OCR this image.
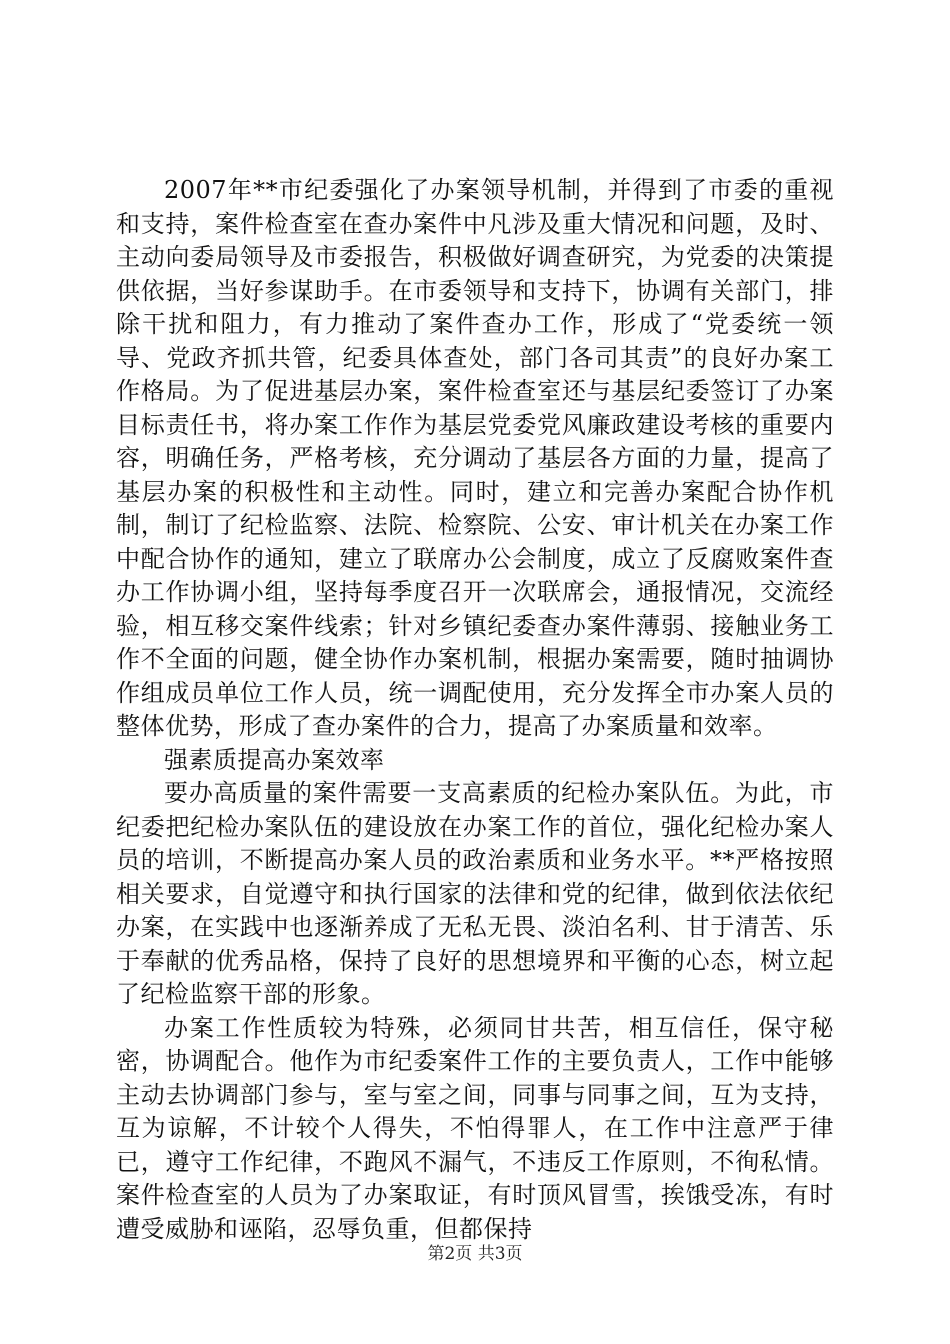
2007年**市纪委强化了办案领导机制，并得到了市委的重视和支持，案件检查室在查办案件中凡涉及重大情况和问题，及时、主动向委局领导及市委报告，积极做好调查研究，为党委的决策提供依据，当好参谋助手。在市委领导和支持下，协调有关部门，排除干扰和阻力，有力推动了案件查办工作，形成了“党委统一领导、党政齐抓共管，纪委具体查处，部门各司其责”的良好办案工作格局。为了促进基层办案，案件检查室还与基层纪委签订了办案目标责任书，将办案工作作为基层党委党风廉政建设考核的重要内容，明确任务，严格考核，充分调动了基层各方面的力量，提高了基层办案的积极性和主动性。同时，建立和完善办案配合协作机制，制订了纪检监察、法院、检察院、公安、审计机关在办案工作中配合协作的通知，建立了联席办公会制度，成立了反腐败案件查办工作协调小组，坚持每季度召开一次联席会，通报情况，交流经验，相互移交案件线索；针对乡镇纪委查办案件薄弱、接触业务工作不全面的问题，健全协作办案机制，根据办案需要，随时抽调协作组成员单位工作人员，统一调配使用，充分发挥全市办案人员的整体优势，形成了查办案件的合力，提高了办案质量和效率。

强素质提高办案效率

要办高质量的案件需要一支高素质的纪检办案队伍。为此，市纪委把纪检办案队伍的建设放在办案工作的首位，强化纪检办案人员的培训，不断提高办案人员的政治素质和业务水平。**严格按照相关要求，自觉遵守和执行国家的法律和党的纪律，做到依法依纪办案，在实践中也逐渐养成了无私无畏、淡泊名利、甘于清苦、乐于奉献的优秀品格，保持了良好的思想境界和平衡的心态，树立起了纪检监察干部的形象。

办案工作性质较为特殊，必须同甘共苦，相互信任，保守秘密，协调配合。他作为市纪委案件工作的主要负责人，工作中能够主动去协调部门参与，室与室之间，同事与同事之间，互为支持，互为谅解，不计较个人得失，不怕得罪人，在工作中注意严于律已，遵守工作纪律，不跑风不漏气，不违反工作原则，不徇私情。案件检查室的人员为了办案取证，有时顶风冒雪，挨饿受冻，有时遭受威胁和诬陷，忍辱负重，但都保持

第2页 共3页
